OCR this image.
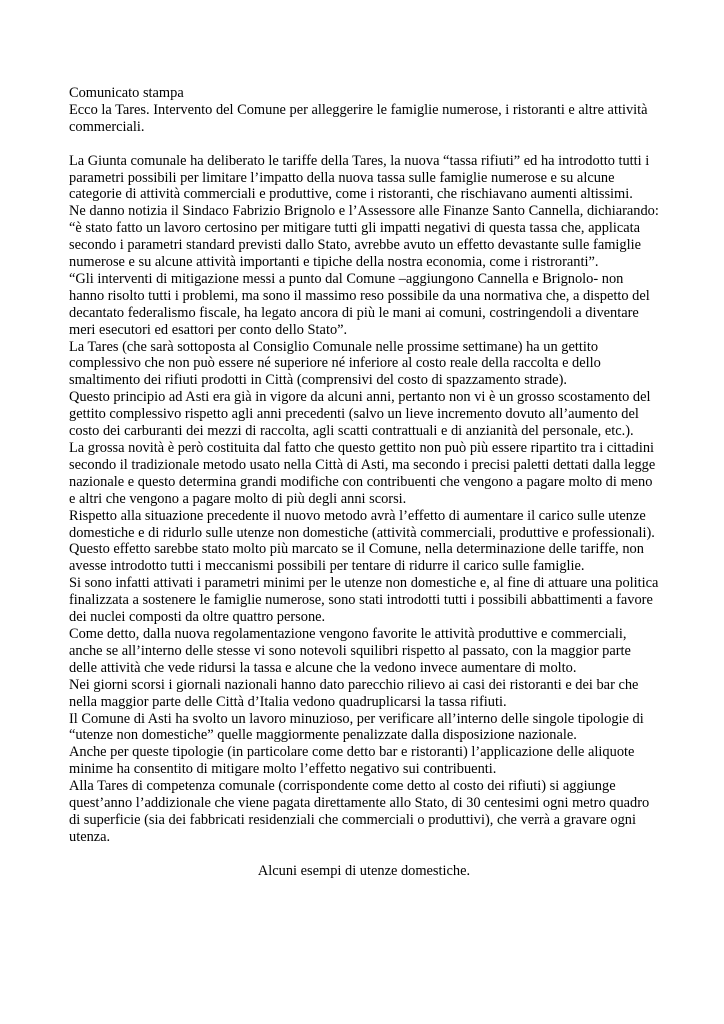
Comunicato stampa

Ecco la Tares. Intervento del Comune per alleggerire le famiglie numerose, i ristoranti e altre attività commerciali.

La Giunta comunale ha deliberato le tariffe della Tares, la nuova “tassa rifiuti” ed ha introdotto tutti i parametri possibili per limitare l’impatto della nuova tassa sulle famiglie numerose e su alcune categorie di attività commerciali e produttive, come i ristoranti, che rischiavano aumenti altissimi.

Ne danno notizia il Sindaco Fabrizio Brignolo e l’Assessore alle Finanze Santo Cannella, dichiarando: “è stato fatto un lavoro certosino per mitigare tutti gli impatti negativi di questa tassa che, applicata secondo i parametri standard previsti dallo Stato, avrebbe avuto un effetto devastante sulle famiglie numerose e su alcune attività importanti e tipiche della nostra economia, come i ristroranti”.

“Gli interventi di mitigazione messi a punto dal Comune –aggiungono Cannella e Brignolo- non hanno risolto tutti i problemi, ma sono il massimo reso possibile da una normativa che, a dispetto del decantato federalismo fiscale, ha legato ancora di più le mani ai comuni, costringendoli a diventare meri esecutori ed esattori per conto dello Stato”.

La Tares (che sarà sottoposta al Consiglio Comunale nelle prossime settimane) ha un gettito complessivo che non può essere né superiore né inferiore al costo reale della raccolta e dello smaltimento dei rifiuti prodotti in Città (comprensivi del costo di spazzamento strade).

Questo principio ad Asti era già in vigore da alcuni anni, pertanto non vi è un grosso scostamento del gettito complessivo rispetto agli anni precedenti (salvo un lieve incremento dovuto all’aumento del costo dei carburanti dei mezzi di raccolta, agli scatti contrattuali e di anzianità del personale, etc.).

La grossa novità è però costituita dal fatto che questo gettito non può più essere ripartito tra i cittadini secondo il tradizionale metodo usato nella Città di Asti, ma secondo i precisi paletti dettati dalla legge nazionale e questo determina grandi modifiche con contribuenti che vengono a pagare molto di meno e altri che vengono a pagare molto di più degli anni scorsi.

Rispetto alla situazione precedente il nuovo metodo avrà l’effetto di aumentare il carico sulle utenze domestiche e di ridurlo sulle utenze non domestiche (attività commerciali, produttive e professionali).

Questo effetto sarebbe stato molto più marcato se il Comune, nella determinazione delle tariffe, non avesse introdotto tutti i meccanismi possibili per tentare di ridurre il carico sulle famiglie.

Si sono infatti attivati i parametri minimi per le utenze non domestiche e, al fine di attuare una politica finalizzata a sostenere le famiglie numerose, sono stati introdotti tutti i possibili abbattimenti a favore dei nuclei composti da oltre quattro persone.

Come detto, dalla nuova regolamentazione vengono favorite le attività produttive e commerciali, anche se all’interno delle stesse vi sono notevoli squilibri rispetto al passato, con la maggior parte delle attività che vede ridursi la tassa e alcune che la vedono invece aumentare di molto.

Nei giorni scorsi i giornali nazionali hanno dato parecchio rilievo ai casi dei ristoranti e dei bar che nella maggior parte delle Città d’Italia vedono quadruplicarsi la tassa rifiuti.

Il Comune di Asti ha svolto un lavoro minuzioso, per verificare all’interno delle singole tipologie di “utenze non domestiche” quelle maggiormente penalizzate dalla disposizione nazionale.

Anche per queste tipologie (in particolare come detto bar e ristoranti) l’applicazione delle aliquote minime ha consentito di mitigare molto l’effetto negativo sui contribuenti.

Alla Tares di competenza comunale (corrispondente come detto al costo dei rifiuti) si aggiunge quest’anno l’addizionale che viene pagata direttamente allo Stato, di 30 centesimi ogni metro quadro di superficie (sia dei fabbricati residenziali che commerciali o produttivi), che verrà a gravare ogni utenza.

Alcuni esempi di utenze domestiche.
